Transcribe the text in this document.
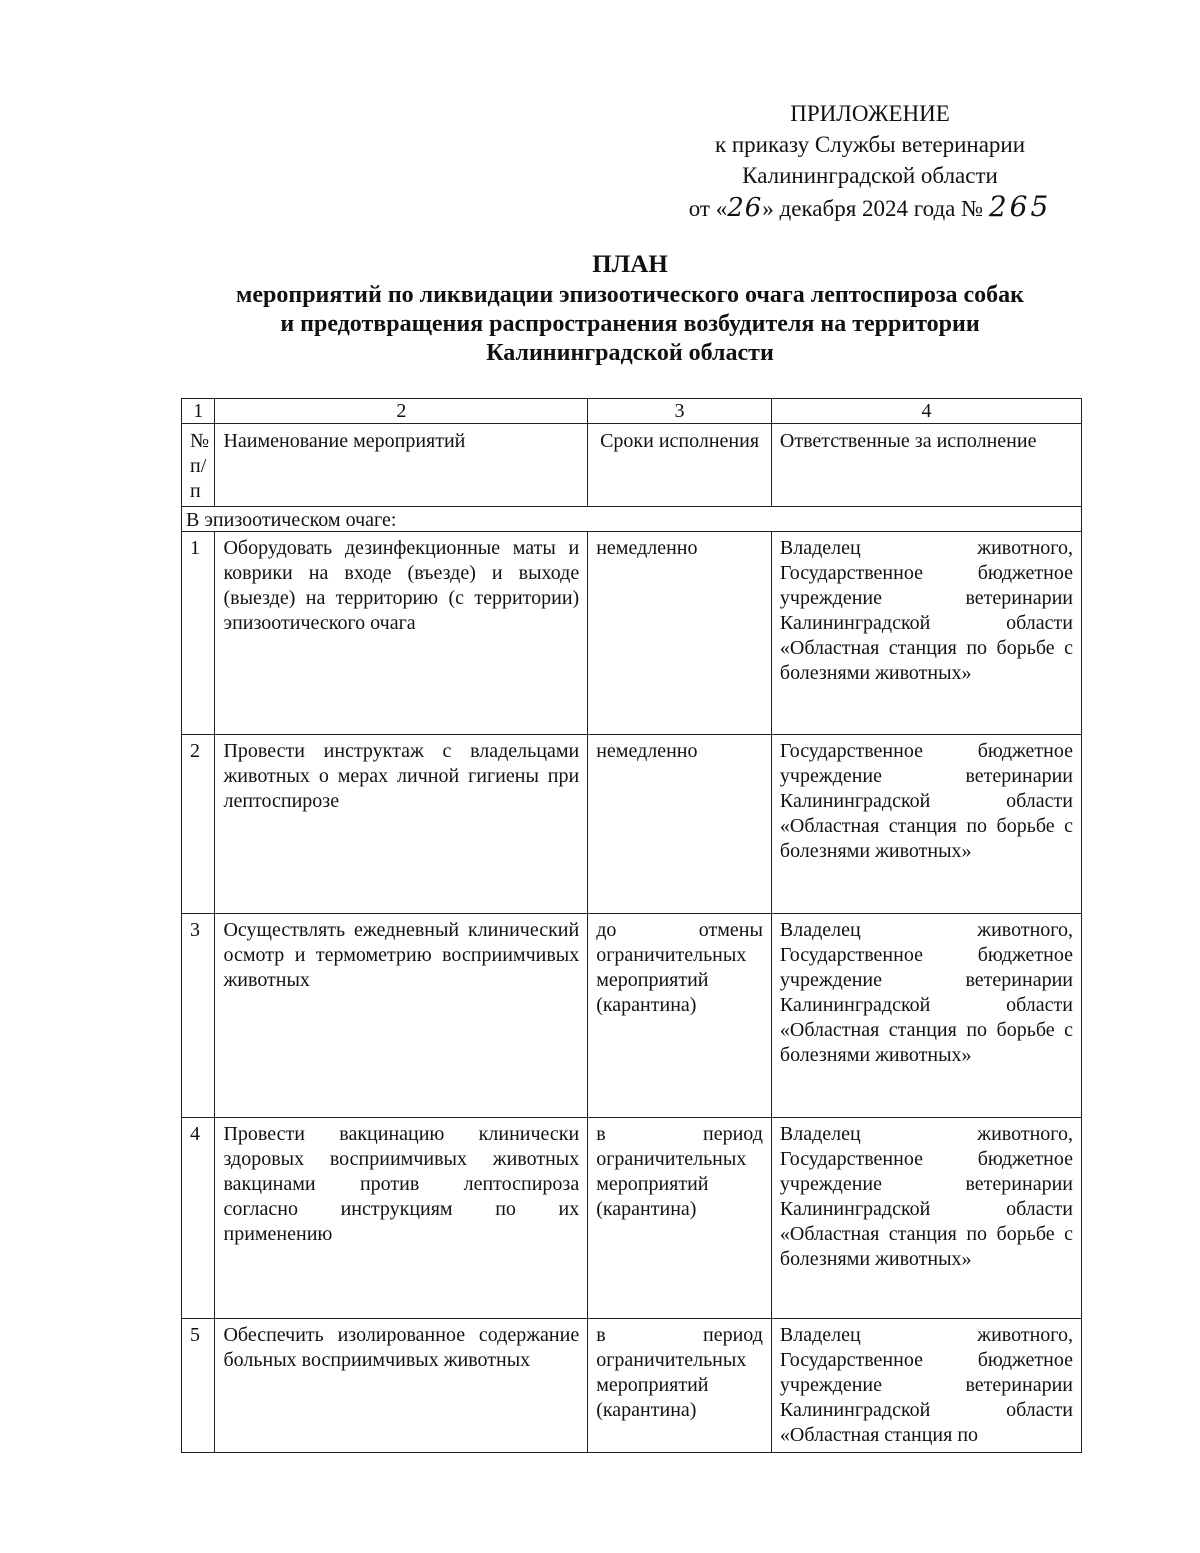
ПРИЛОЖЕНИЕ
к приказу Службы ветеринарии
Калининградской области
от «26» декабря 2024 года № 265
ПЛАН
мероприятий по ликвидации эпизоотического очага лептоспироза собак
и предотвращения распространения возбудителя на территории
Калининградской области
1	2	3	4
№ п/п	Наименование мероприятий	Сроки исполнения	Ответственные за исполнение
В эпизоотическом очаге:			
1	Оборудовать дезинфекционные маты и коврики на входе (въезде) и выходе (выезде) на территорию (с территории) эпизоотического очага	немедленно	Владелец животного, Государственное бюджетное учреждение ветеринарии Калининградской области «Областная станция по борьбе с болезнями животных»
2	Провести инструктаж с владельцами животных о мерах личной гигиены при лептоспирозе	немедленно	Государственное бюджетное учреждение ветеринарии Калининградской области «Областная станция по борьбе с болезнями животных»
3	Осуществлять ежедневный клинический осмотр и термометрию восприимчивых животных	до отмены ограничительных мероприятий (карантина)	Владелец животного, Государственное бюджетное учреждение ветеринарии Калининградской области «Областная станция по борьбе с болезнями животных»
4	Провести вакцинацию клинически здоровых восприимчивых животных вакцинами против лептоспироза согласно инструкциям по их применению	в период ограничительных мероприятий (карантина)	Владелец животного, Государственное бюджетное учреждение ветеринарии Калининградской области «Областная станция по борьбе с болезнями животных»
5	Обеспечить изолированное содержание больных восприимчивых животных	в период ограничительных мероприятий (карантина)	Владелец животного, Государственное бюджетное учреждение ветеринарии Калининградской области «Областная станция по
